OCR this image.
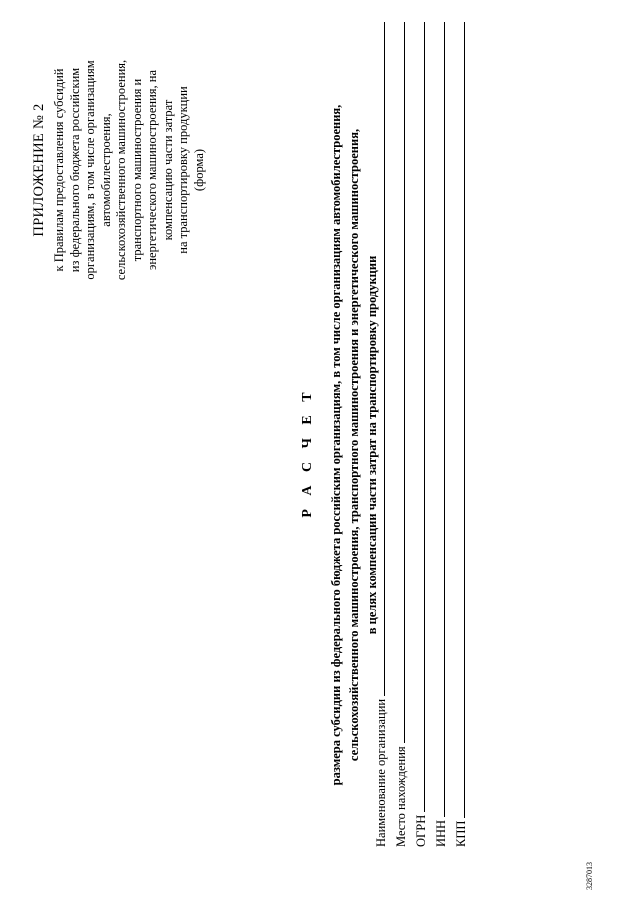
ПРИЛОЖЕНИЕ № 2 к Правилам предоставления субсидий из федерального бюджета российским организациям, в том числе организациям автомобилестроения, сельскохозяйственного машиностроения, транспортного машиностроения и энергетического машиностроения, на компенсацию части затрат на транспортировку продукции (форма)
Р А С Ч Е Т размера субсидии из федерального бюджета российским организациям, в том числе организациям автомобилестроения, сельскохозяйственного машиностроения, транспортного машиностроения и энергетического машиностроения, в целях компенсации части затрат на транспортировку продукции
Наименование организации Место нахождения ОГРН ИНН КПП
3287013
